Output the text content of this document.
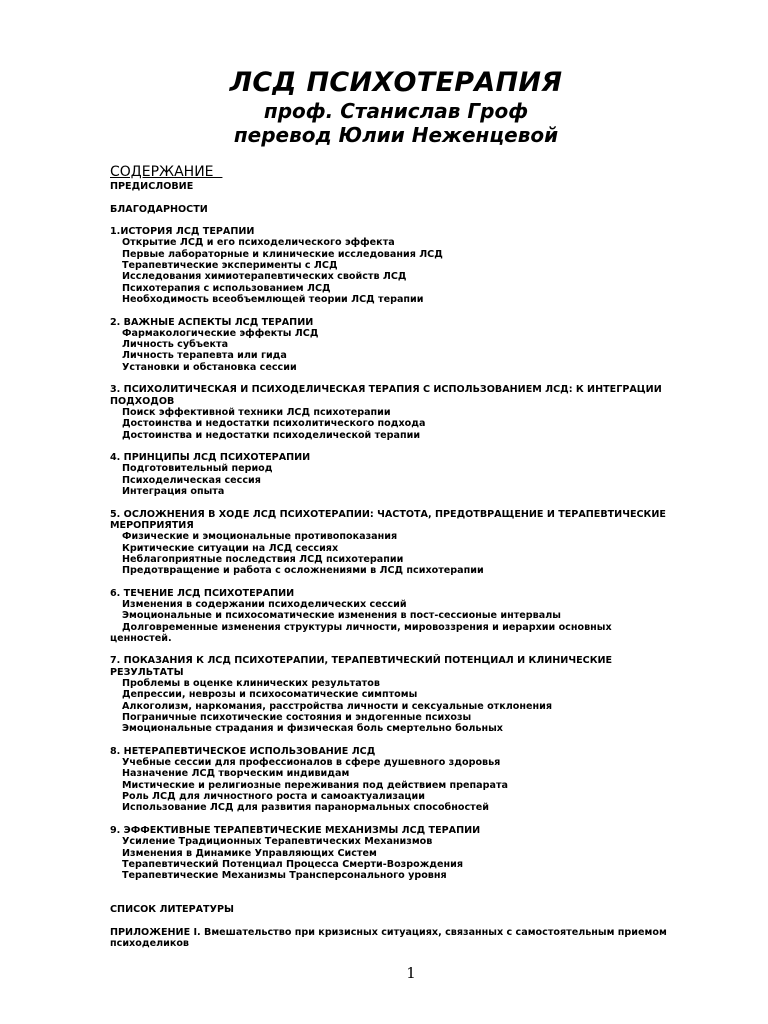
ЛСД ПСИХОТЕРАПИЯ
проф. Станислав Гроф
перевод Юлии Неженцевой
СОДЕРЖАНИЕ
ПРЕДИСЛОВИЕ
БЛАГОДАРНОСТИ
1.ИСТОРИЯ ЛСД ТЕРАПИИ
Открытие ЛСД и его психоделического эффекта
Первые лабораторные и клинические исследования ЛСД
Терапевтические эксперименты с ЛСД
Исследования химиотерапевтических свойств ЛСД
Психотерапия с использованием ЛСД
Необходимость всеобъемлющей теории ЛСД терапии
2. ВАЖНЫЕ АСПЕКТЫ ЛСД ТЕРАПИИ
Фармакологические эффекты ЛСД
Личность субъекта
Личность терапевта или гида
Установки и обстановка сессии
3. ПСИХОЛИТИЧЕСКАЯ И ПСИХОДЕЛИЧЕСКАЯ ТЕРАПИЯ С ИСПОЛЬЗОВАНИЕМ ЛСД: К ИНТЕГРАЦИИ
ПОДХОДОВ
Поиск эффективной техники ЛСД психотерапии
Достоинства и недостатки психолитического подхода
Достоинства и недостатки психоделической терапии
4. ПРИНЦИПЫ ЛСД ПСИХОТЕРАПИИ
Подготовительный период
Психоделическая сессия
Интеграция опыта
5. ОСЛОЖНЕНИЯ В ХОДЕ ЛСД ПСИХОТЕРАПИИ: ЧАСТОТА, ПРЕДОТВРАЩЕНИЕ И ТЕРАПЕВТИЧЕСКИЕ
МЕРОПРИЯТИЯ
Физические и эмоциональные противопоказания
Критические ситуации на ЛСД сессиях
Неблагоприятные последствия ЛСД психотерапии
Предотвращение и работа с осложнениями в ЛСД психотерапии
6. ТЕЧЕНИЕ ЛСД ПСИХОТЕРАПИИ
Изменения в содержании психоделических сессий
Эмоциональные и психосоматические изменения в пост-сессионые интервалы
Долговременные изменения структуры личности, мировоззрения и иерархии основных
ценностей.
7. ПОКАЗАНИЯ К ЛСД ПСИХОТЕРАПИИ, ТЕРАПЕВТИЧЕСКИЙ ПОТЕНЦИАЛ И КЛИНИЧЕСКИЕ
РЕЗУЛЬТАТЫ
Проблемы в оценке клинических результатов
Депрессии, неврозы и психосоматические симптомы
Алкоголизм, наркомания, расстройства личности и сексуальные отклонения
Пограничные психотические состояния и эндогенные психозы
Эмоциональные страдания и физическая боль смертельно больных
8. НЕТЕРАПЕВТИЧЕСКОЕ ИСПОЛЬЗОВАНИЕ ЛСД
Учебные сессии для профессионалов в сфере душевного здоровья
Назначение ЛСД творческим индивидам
Мистические и религиозные переживания под действием препарата
Роль ЛСД для личностного роста и самоактуализации
Использование ЛСД для развития паранормальных способностей
9. ЭФФЕКТИВНЫЕ ТЕРАПЕВТИЧЕСКИЕ МЕХАНИЗМЫ ЛСД ТЕРАПИИ
Усиление Традиционных Терапевтических Механизмов
Изменения в Динамике Управляющих Систем
Терапевтический Потенциал Процесса Смерти-Возрождения
Терапевтические Механизмы Трансперсонального уровня
СПИСОК ЛИТЕРАТУРЫ
ПРИЛОЖЕНИЕ I. Вмешательство при кризисных ситуациях, связанных с самостоятельным приемом
психоделиков
1
